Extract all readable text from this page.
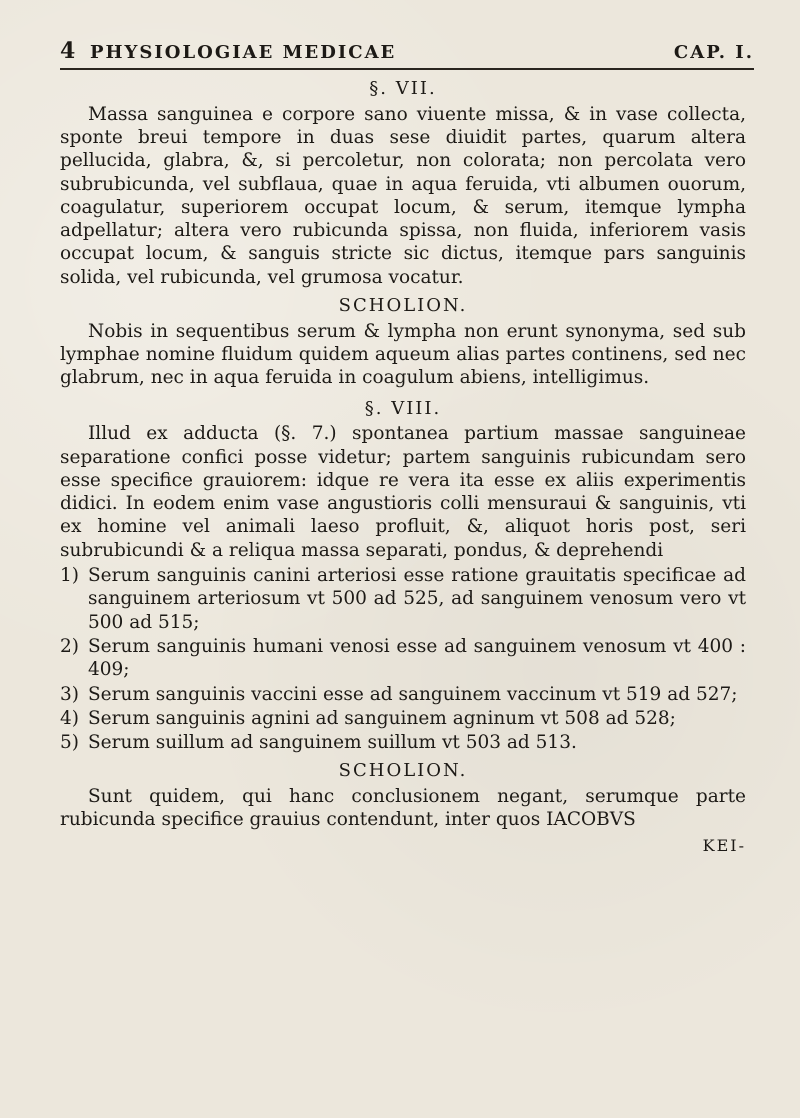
4 PHYSIOLOGIAE MEDICAE	CAP. I.
§. VII.

Massa sanguinea e corpore sano viuente missa, & in vase collecta, sponte breui tempore in duas sese diuidit partes, quarum altera pellucida, glabra, &, si percoletur, non colorata; non percolata vero subrubicunda, vel subflaua, quae in aqua feruida, vti albumen ouorum, coagulatur, superiorem occupat locum, & serum, itemque lympha adpellatur; altera vero rubicunda spissa, non fluida, inferiorem vasis occupat locum, & sanguis stricte sic dictus, itemque pars sanguinis solida, vel rubicunda, vel grumosa vocatur.

SCHOLION.

Nobis in sequentibus serum & lympha non erunt synonyma, sed sub lymphae nomine fluidum quidem aqueum alias partes continens, sed nec glabrum, nec in aqua feruida in coagulum abiens, intelligimus.

§. VIII.

Illud ex adducta (§. 7.) spontanea partium massae sanguineae separatione confici posse videtur; partem sanguinis rubicundam sero esse specifice grauiorem: idque re vera ita esse ex aliis experimentis didici. In eodem enim vase angustioris colli mensuraui & sanguinis, vti ex homine vel animali laeso profluit, &, aliquot horis post, seri subrubicundi & a reliqua massa separati, pondus, & deprehendi

1) Serum sanguinis canini arteriosi esse ratione grauitatis specificae ad sanguinem arteriosum vt 500 ad 525, ad sanguinem venosum vero vt 500 ad 515;
2) Serum sanguinis humani venosi esse ad sanguinem venosum vt 400 : 409;
3) Serum sanguinis vaccini esse ad sanguinem vaccinum vt 519 ad 527;
4) Serum sanguinis agnini ad sanguinem agninum vt 508 ad 528;
5) Serum suillum ad sanguinem suillum vt 503 ad 513.
SCHOLION.

Sunt quidem, qui hanc conclusionem negant, serumque parte rubicunda specifice grauius contendunt, inter quos IACOBVS

KEI-
